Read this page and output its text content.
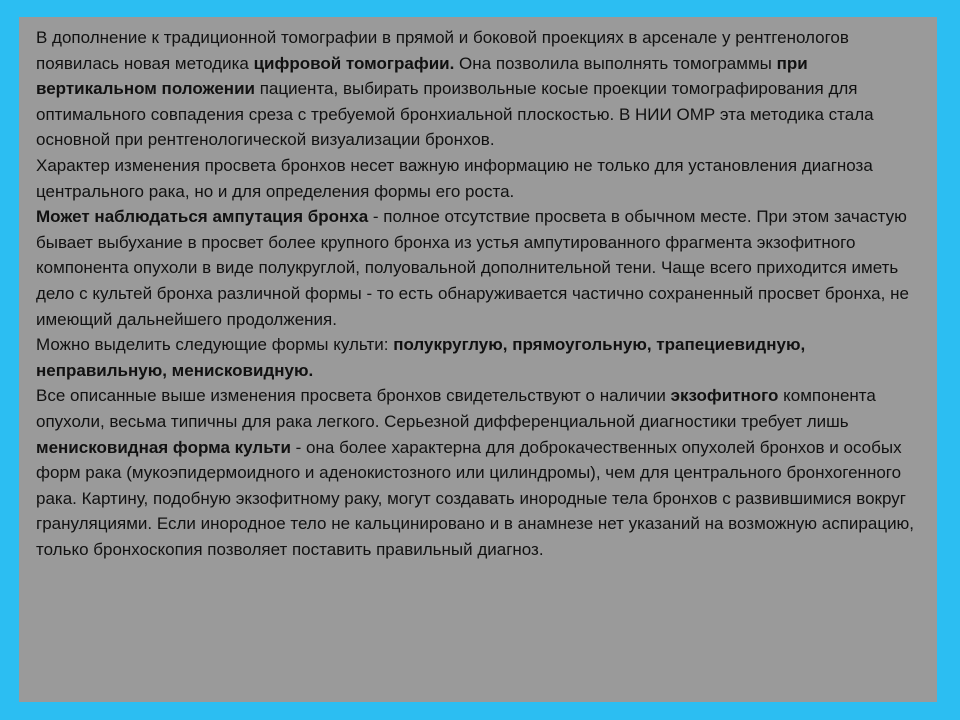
В дополнение к традиционной томографии в прямой и боковой проекциях в арсенале у рентгенологов появилась новая методика цифровой томографии. Она позволила выполнять томограммы при вертикальном положении пациента, выбирать произвольные косые проекции томографирования для оптимального совпадения среза с требуемой бронхиальной плоскостью. В НИИ ОМР эта методика стала основной при рентгенологической визуализации бронхов.

Характер изменения просвета бронхов несет важную информацию не только для установления диагноза центрального рака, но и для определения формы его роста.

Может наблюдаться ампутация бронха - полное отсутствие просвета в обычном месте. При этом зачастую бывает выбухание в просвет более крупного бронха из устья ампутированного фрагмента экзофитного компонента опухоли в виде полукруглой, полуовальной дополнительной тени. Чаще всего приходится иметь дело с культей бронха различной формы - то есть обнаруживается частично сохраненный просвет бронха, не имеющий дальнейшего продолжения.

Можно выделить следующие формы культи: полукруглую, прямоугольную, трапециевидную, неправильную, менисковидную.

Все описанные выше изменения просвета бронхов свидетельствуют о наличии экзофитного компонента опухоли, весьма типичны для рака легкого. Серьезной дифференциальной диагностики требует лишь менисковидная форма культи - она более характерна для доброкачественных опухолей бронхов и особых форм рака (мукоэпидермоидного и аденокистозного или цилиндромы), чем для центрального бронхогенного рака. Картину, подобную экзофитному раку, могут создавать инородные тела бронхов с развившимися вокруг грануляциями. Если инородное тело не кальцинировано и в анамнезе нет указаний на возможную аспирацию, только бронхоскопия позволяет поставить правильный диагноз.
